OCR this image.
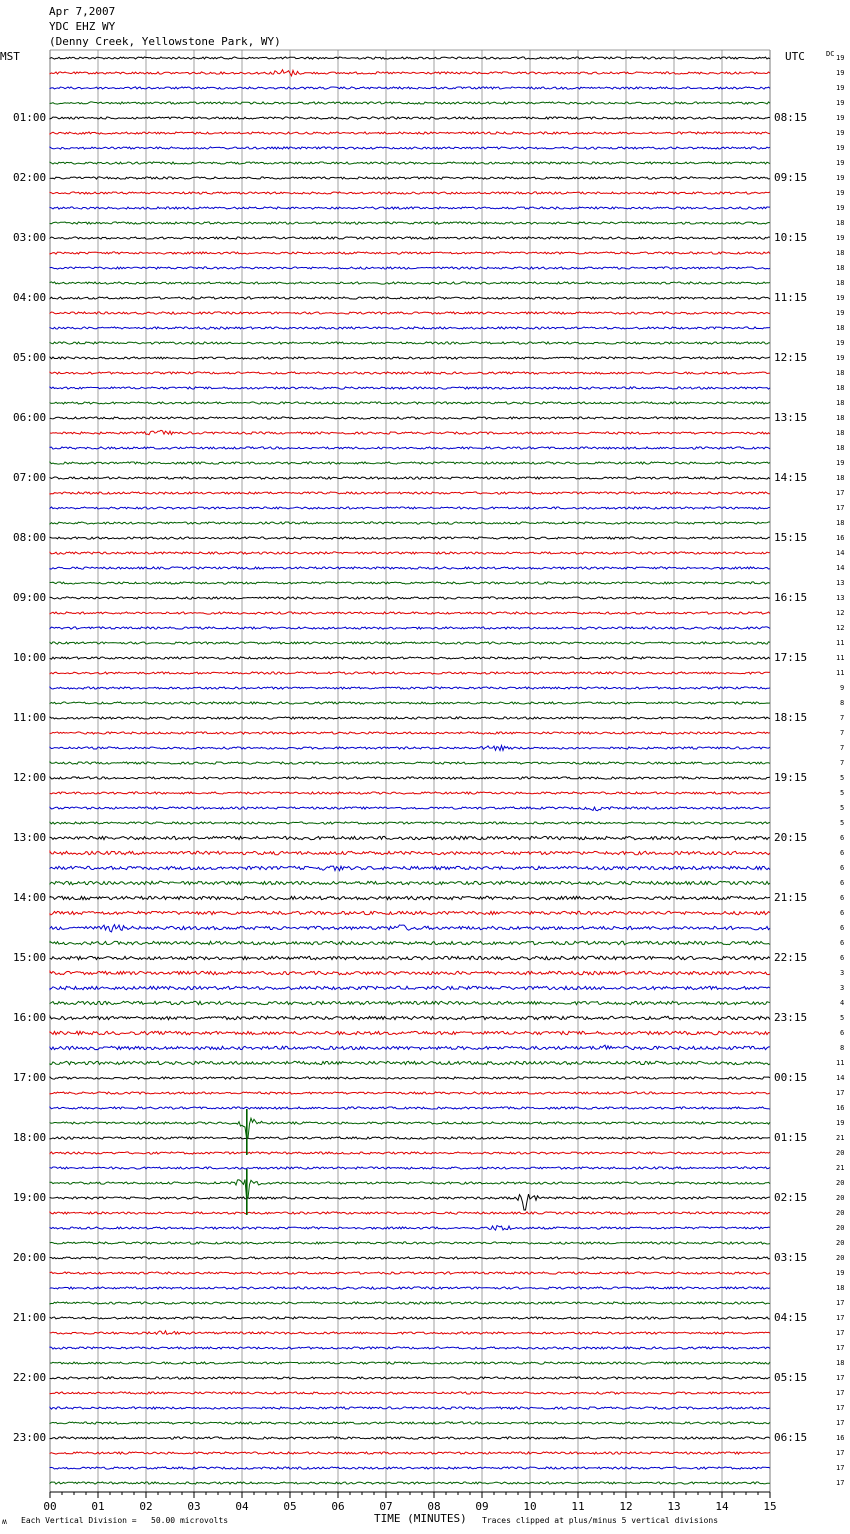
Apr 7,2007
YDC EHZ WY
(Denny Creek, Yellowstone Park, WY)
MST	UTC	DC
01:00
02:00
03:00
04:00
05:00
06:00
07:00
08:00
09:00
10:00
11:00
12:00
13:00
14:00
15:00
16:00
17:00
18:00
19:00
20:00
21:00
22:00
23:00
08:15
09:15
10:15
11:15
12:15
13:15
14:15
15:15
16:15
17:15
18:15
19:15
20:15
21:15
22:15
23:15
00:15
01:15
02:15
03:15
04:15
05:15
06:15
19
19
19
19
19
19
19
19
19
19
19
18
19
18
18
18
19
19
18
19
19
18
18
18
18
18
18
19
18
17
17
18
16
14
14
13
13
12
12
11
11
11
9
8
7
7
7
7
5
5
5
5
6
6
6
6
6
6
6
6
6
3
3
4
5
6
8
11
14
17
16
19
21
20
21
20
20
20
20
20
20
19
18
17
17
17
17
18
17
17
17
17
16
17
17
17
00	01	02	03	04	05	06	07	08	09	10	11	12	13	14	15
ʍ Each Vertical Division =   50.00 microvolts	TIME (MINUTES) Traces clipped at plus/minus 5 vertical divisions
